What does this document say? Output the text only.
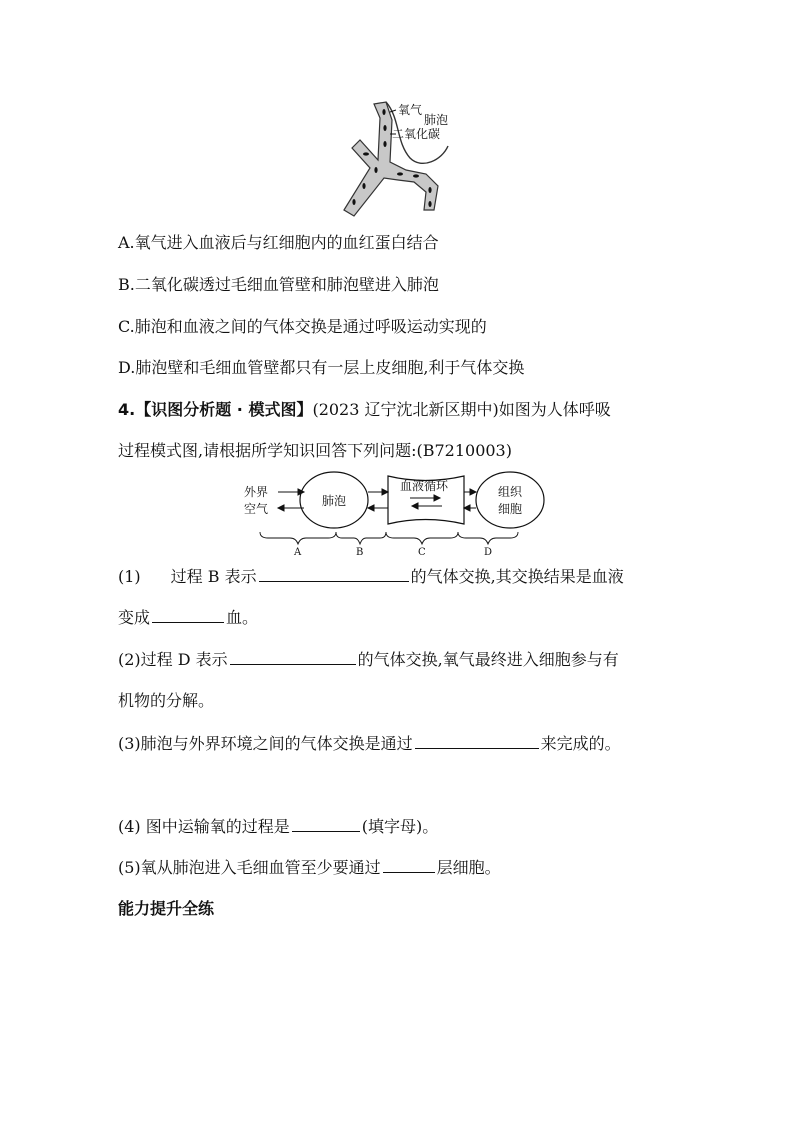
氧气
肺泡
二氧化碳
A.氧气进入血液后与红细胞内的血红蛋白结合
B.二氧化碳透过毛细血管壁和肺泡壁进入肺泡
C.肺泡和血液之间的气体交换是通过呼吸运动实现的
D.肺泡壁和毛细血管壁都只有一层上皮细胞,利于气体交换
4.【识图分析题 · 模式图】(2023 辽宁沈北新区期中)如图为人体呼吸
过程模式图,请根据所学知识回答下列问题:(B7210003)
外界
空气
肺泡
血液循环	组织
细胞
A	B	C	D
(1) 过程 B 表示	的气体交换,其交换结果是血液
变成	血。
(2)过程 D 表示	的气体交换,氧气最终进入细胞参与有
机物的分解。
(3)肺泡与外界环境之间的气体交换是通过	来完成的。
(4) 图中运输氧的过程是	(填字母)。
(5)氧从肺泡进入毛细血管至少要通过	层细胞。
能力提升全练
